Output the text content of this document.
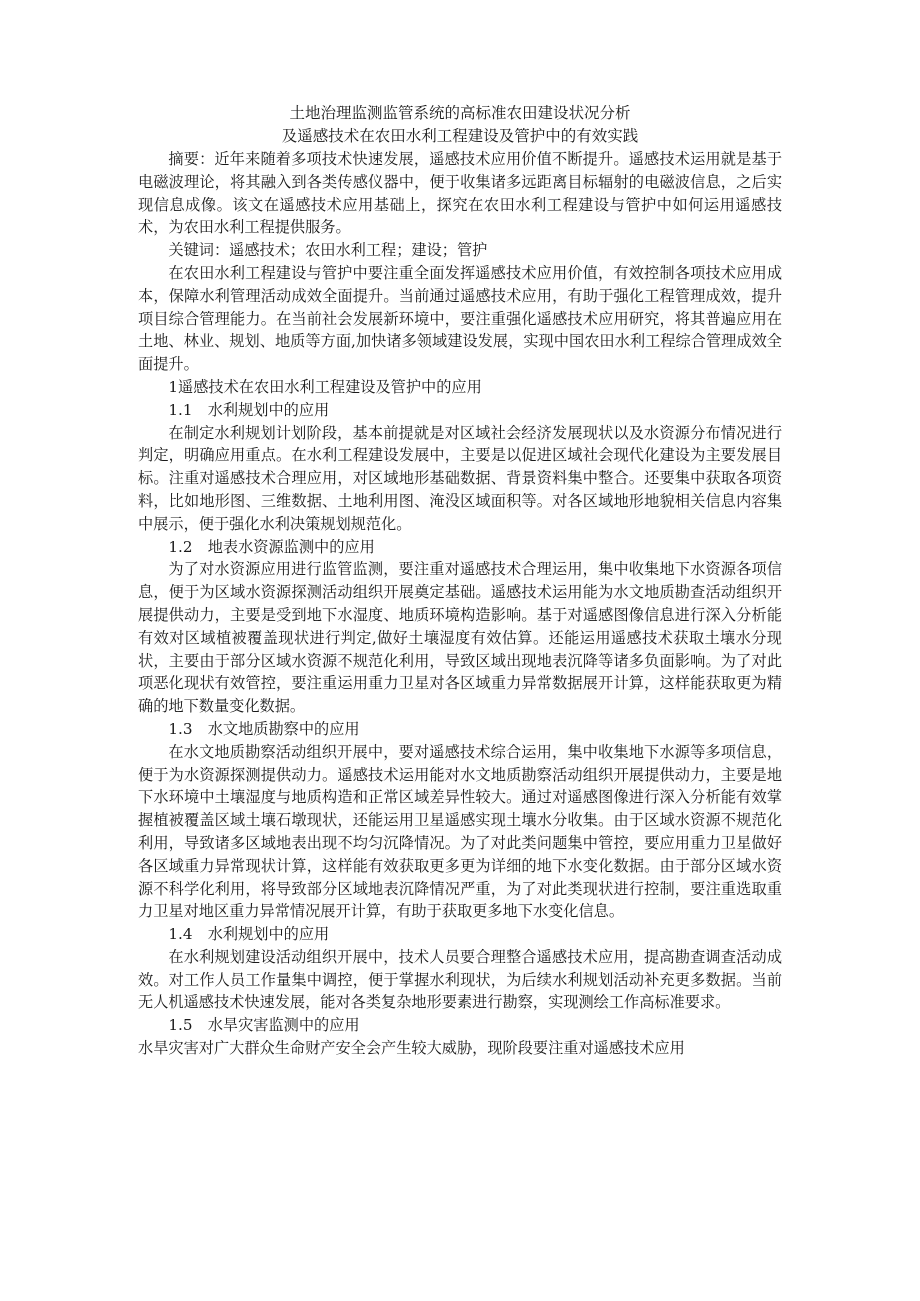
土地治理监测监管系统的高标准农田建设状况分析
及遥感技术在农田水利工程建设及管护中的有效实践

摘要：近年来随着多项技术快速发展，遥感技术应用价值不断提升。遥感技术运用就是基于电磁波理论，将其融入到各类传感仪器中，便于收集诸多远距离目标辐射的电磁波信息，之后实现信息成像。该文在遥感技术应用基础上，探究在农田水利工程建设与管护中如何运用遥感技术，为农田水利工程提供服务。

关键词：遥感技术；农田水利工程；建设；管护

在农田水利工程建设与管护中要注重全面发挥遥感技术应用价值，有效控制各项技术应用成本，保障水利管理活动成效全面提升。当前通过遥感技术应用，有助于强化工程管理成效，提升项目综合管理能力。在当前社会发展新环境中，要注重强化遥感技术应用研究，将其普遍应用在土地、林业、规划、地质等方面,加快诸多领域建设发展，实现中国农田水利工程综合管理成效全面提升。

1遥感技术在农田水利工程建设及管护中的应用

1.1　水利规划中的应用

在制定水利规划计划阶段，基本前提就是对区域社会经济发展现状以及水资源分布情况进行判定，明确应用重点。在水利工程建设发展中，主要是以促进区域社会现代化建设为主要发展目标。注重对遥感技术合理应用，对区域地形基础数据、背景资料集中整合。还要集中获取各项资料，比如地形图、三维数据、土地利用图、淹没区域面积等。对各区域地形地貌相关信息内容集中展示，便于强化水利决策规划规范化。

1.2　地表水资源监测中的应用

为了对水资源应用进行监管监测，要注重对遥感技术合理运用，集中收集地下水资源各项信息，便于为区域水资源探测活动组织开展奠定基础。遥感技术运用能为水文地质勘查活动组织开展提供动力，主要是受到地下水湿度、地质环境构造影响。基于对遥感图像信息进行深入分析能有效对区域植被覆盖现状进行判定,做好土壤湿度有效估算。还能运用遥感技术获取土壤水分现状，主要由于部分区域水资源不规范化利用，导致区域出现地表沉降等诸多负面影响。为了对此项恶化现状有效管控，要注重运用重力卫星对各区域重力异常数据展开计算，这样能获取更为精确的地下数量变化数据。

1.3　水文地质勘察中的应用

在水文地质勘察活动组织开展中，要对遥感技术综合运用，集中收集地下水源等多项信息，便于为水资源探测提供动力。遥感技术运用能对水文地质勘察活动组织开展提供动力，主要是地下水环境中土壤湿度与地质构造和正常区域差异性较大。通过对遥感图像进行深入分析能有效掌握植被覆盖区域土壤石墩现状，还能运用卫星遥感实现土壤水分收集。由于区域水资源不规范化利用，导致诸多区域地表出现不均匀沉降情况。为了对此类问题集中管控，要应用重力卫星做好各区域重力异常现状计算，这样能有效获取更多更为详细的地下水变化数据。由于部分区域水资源不科学化利用，将导致部分区域地表沉降情况严重，为了对此类现状进行控制，要注重选取重力卫星对地区重力异常情况展开计算，有助于获取更多地下水变化信息。

1.4　水利规划中的应用

在水利规划建设活动组织开展中，技术人员要合理整合遥感技术应用，提高勘查调查活动成效。对工作人员工作量集中调控，便于掌握水利现状，为后续水利规划活动补充更多数据。当前无人机遥感技术快速发展，能对各类复杂地形要素进行勘察，实现测绘工作高标准要求。

1.5　水旱灾害监测中的应用

水旱灾害对广大群众生命财产安全会产生较大威胁，现阶段要注重对遥感技术应用
